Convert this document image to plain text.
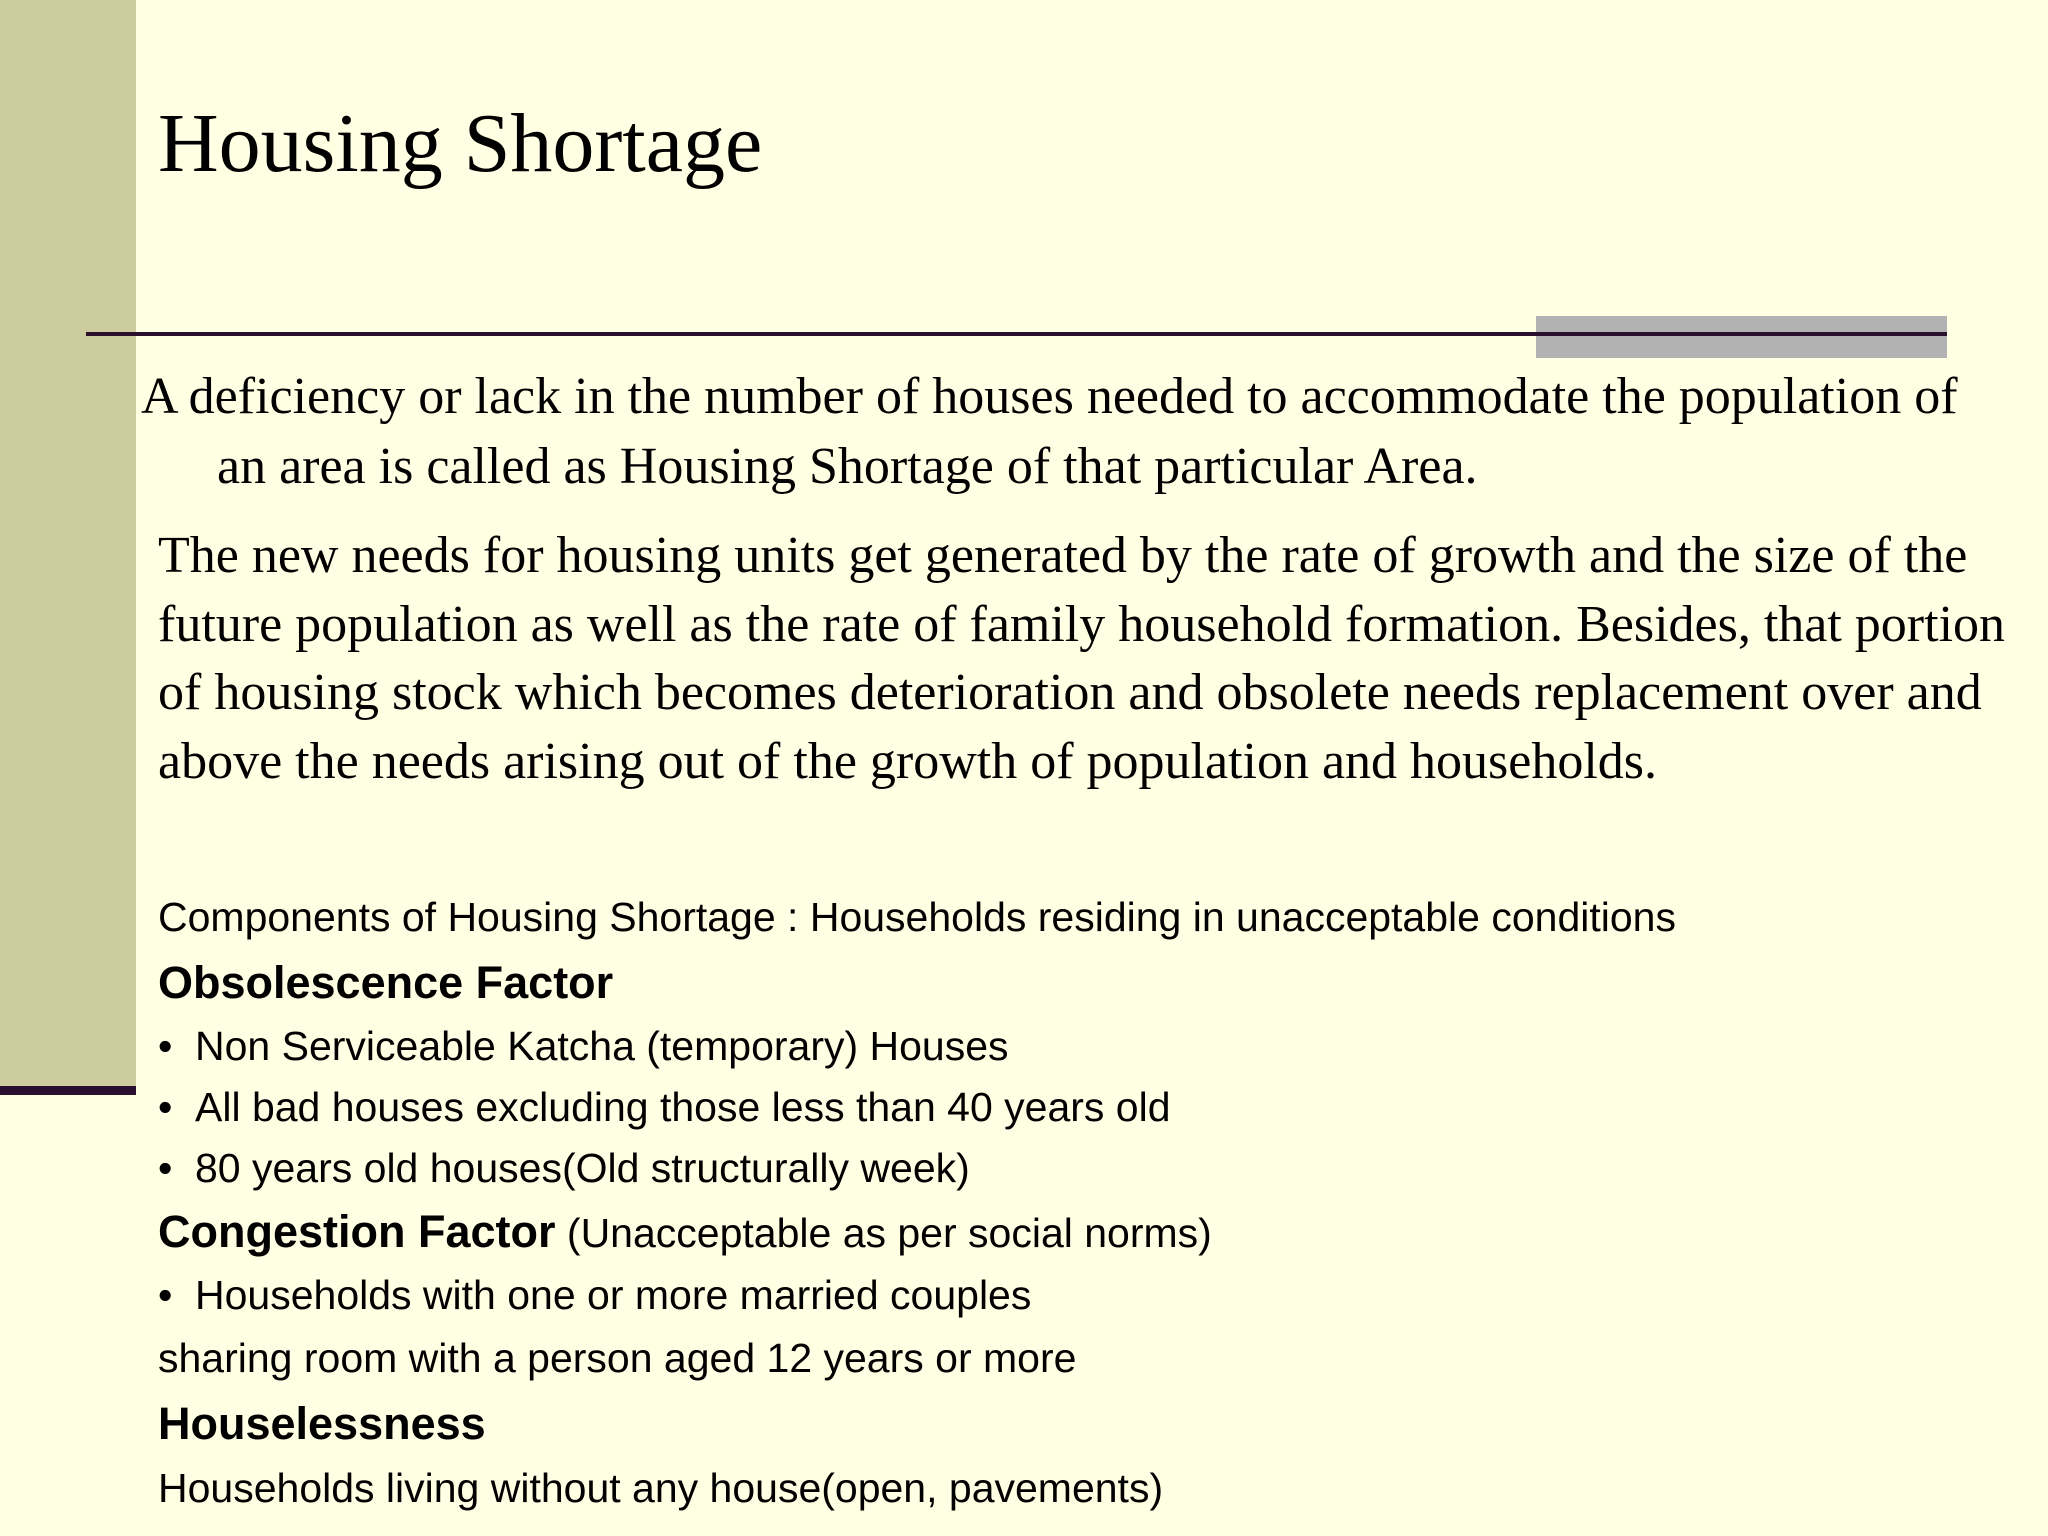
Housing Shortage

A deficiency or lack in the number of houses needed to accommodate the population of an area is called as Housing Shortage of that particular Area.

The new needs for housing units get generated by the rate of growth and the size of the future population as well as the rate of family household formation. Besides, that portion of housing stock which becomes deterioration and obsolete needs replacement over and above the needs arising out of the growth of population and households.

Components of Housing Shortage : Households residing in unacceptable conditions
Obsolescence Factor
• Non Serviceable Katcha (temporary) Houses
• All bad houses excluding those less than 40 years old
• 80 years old houses(Old structurally week)
Congestion Factor (Unacceptable as per social norms)
• Households with one or more married couples
sharing room with a person aged 12 years or more
Houselessness
Households living without any house(open, pavements)
